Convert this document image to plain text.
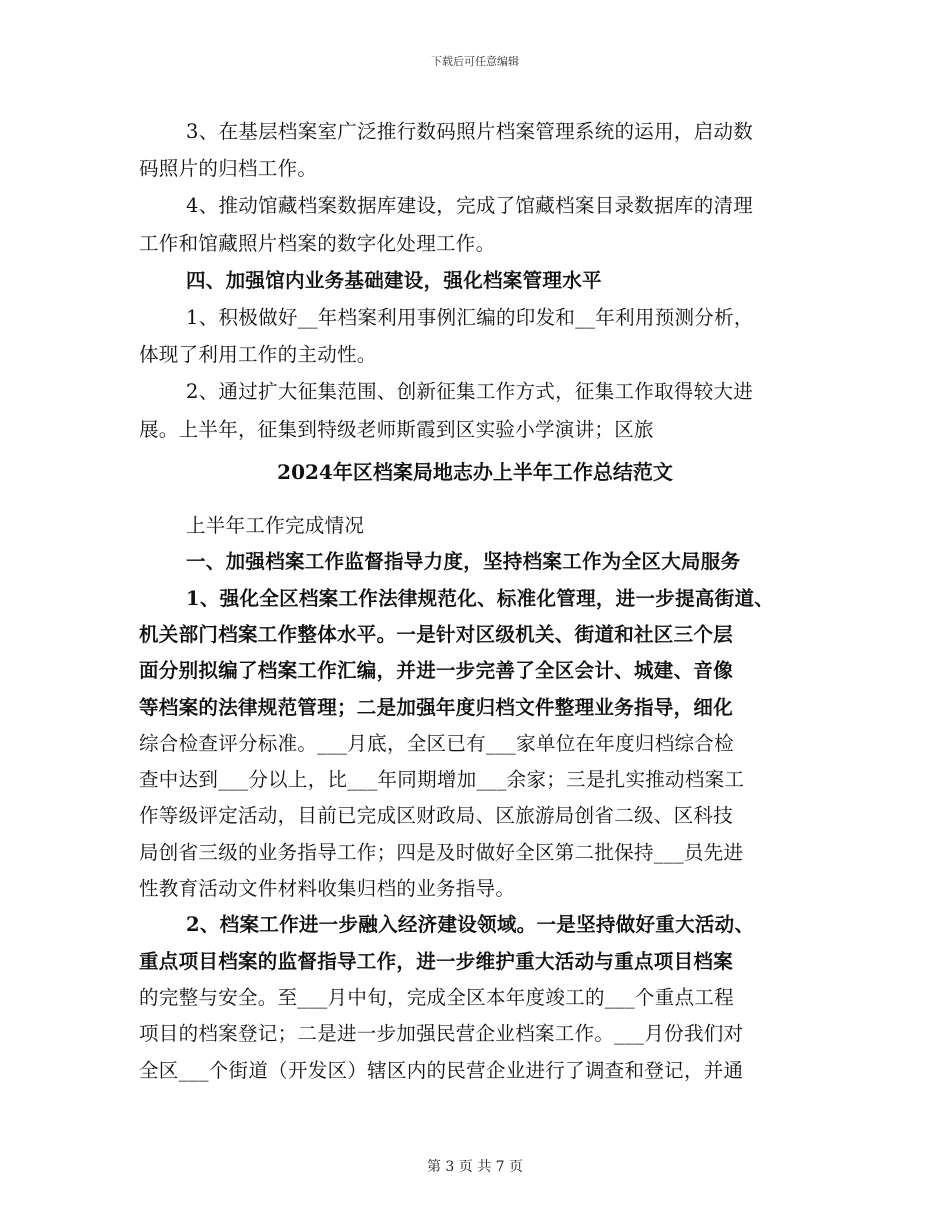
下载后可任意编辑
3、在基层档案室广泛推行数码照片档案管理系统的运用，启动数
码照片的归档工作。
4、推动馆藏档案数据库建设，完成了馆藏档案目录数据库的清理
工作和馆藏照片档案的数字化处理工作。
四、加强馆内业务基础建设，强化档案管理水平
1、积极做好__年档案利用事例汇编的印发和__年利用预测分析，
体现了利用工作的主动性。
2、通过扩大征集范围、创新征集工作方式，征集工作取得较大进
展。上半年，征集到特级老师斯霞到区实验小学演讲；区旅
2024年区档案局地志办上半年工作总结范文
上半年工作完成情况
一、加强档案工作监督指导力度，坚持档案工作为全区大局服务
1、强化全区档案工作法律规范化、标准化管理，进一步提高街道、
机关部门档案工作整体水平。一是针对区级机关、街道和社区三个层
面分别拟编了档案工作汇编，并进一步完善了全区会计、城建、音像
等档案的法律规范管理；二是加强年度归档文件整理业务指导，细化
综合检查评分标准。___月底，全区已有___家单位在年度归档综合检
查中达到___分以上，比___年同期增加___余家；三是扎实推动档案工
作等级评定活动，目前已完成区财政局、区旅游局创省二级、区科技
局创省三级的业务指导工作；四是及时做好全区第二批保持___员先进
性教育活动文件材料收集归档的业务指导。
2、档案工作进一步融入经济建设领域。一是坚持做好重大活动、
重点项目档案的监督指导工作，进一步维护重大活动与重点项目档案
的完整与安全。至___月中旬，完成全区本年度竣工的___个重点工程
项目的档案登记；二是进一步加强民营企业档案工作。___月份我们对
全区___个街道（开发区）辖区内的民营企业进行了调查和登记，并通
第 3 页 共 7 页
